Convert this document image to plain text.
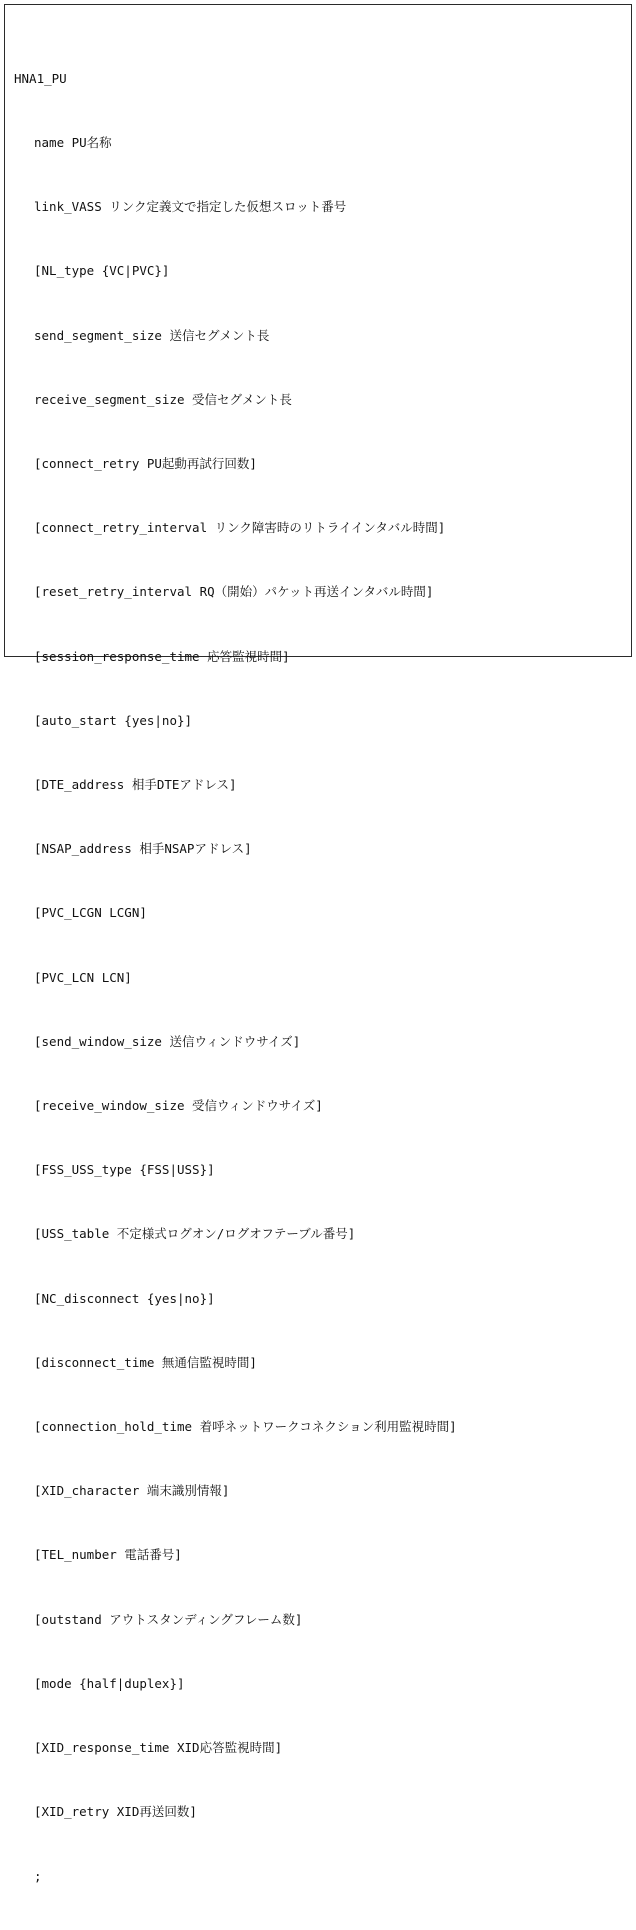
HNA1_PU

name PU名称

link_VASS リンク定義文で指定した仮想スロット番号

[NL_type {VC|PVC}]

send_segment_size 送信セグメント長

receive_segment_size 受信セグメント長

[connect_retry PU起動再試行回数]

[connect_retry_interval リンク障害時のリトライインタバル時間]

[reset_retry_interval RQ（開始）パケット再送インタバル時間]

[session_response_time 応答監視時間]

[auto_start {yes|no}]

[DTE_address 相手DTEアドレス]

[NSAP_address 相手NSAPアドレス]

[PVC_LCGN LCGN]

[PVC_LCN LCN]

[send_window_size 送信ウィンドウサイズ]

[receive_window_size 受信ウィンドウサイズ]

[FSS_USS_type {FSS|USS}]

[USS_table 不定様式ログオン/ログオフテーブル番号]

[NC_disconnect {yes|no}]

[disconnect_time 無通信監視時間]

[connection_hold_time 着呼ネットワークコネクション利用監視時間]

[XID_character 端末識別情報]

[TEL_number 電話番号]

[outstand アウトスタンディングフレーム数]

[mode {half|duplex}]

[XID_response_time XID応答監視時間]

[XID_retry XID再送回数]

;
